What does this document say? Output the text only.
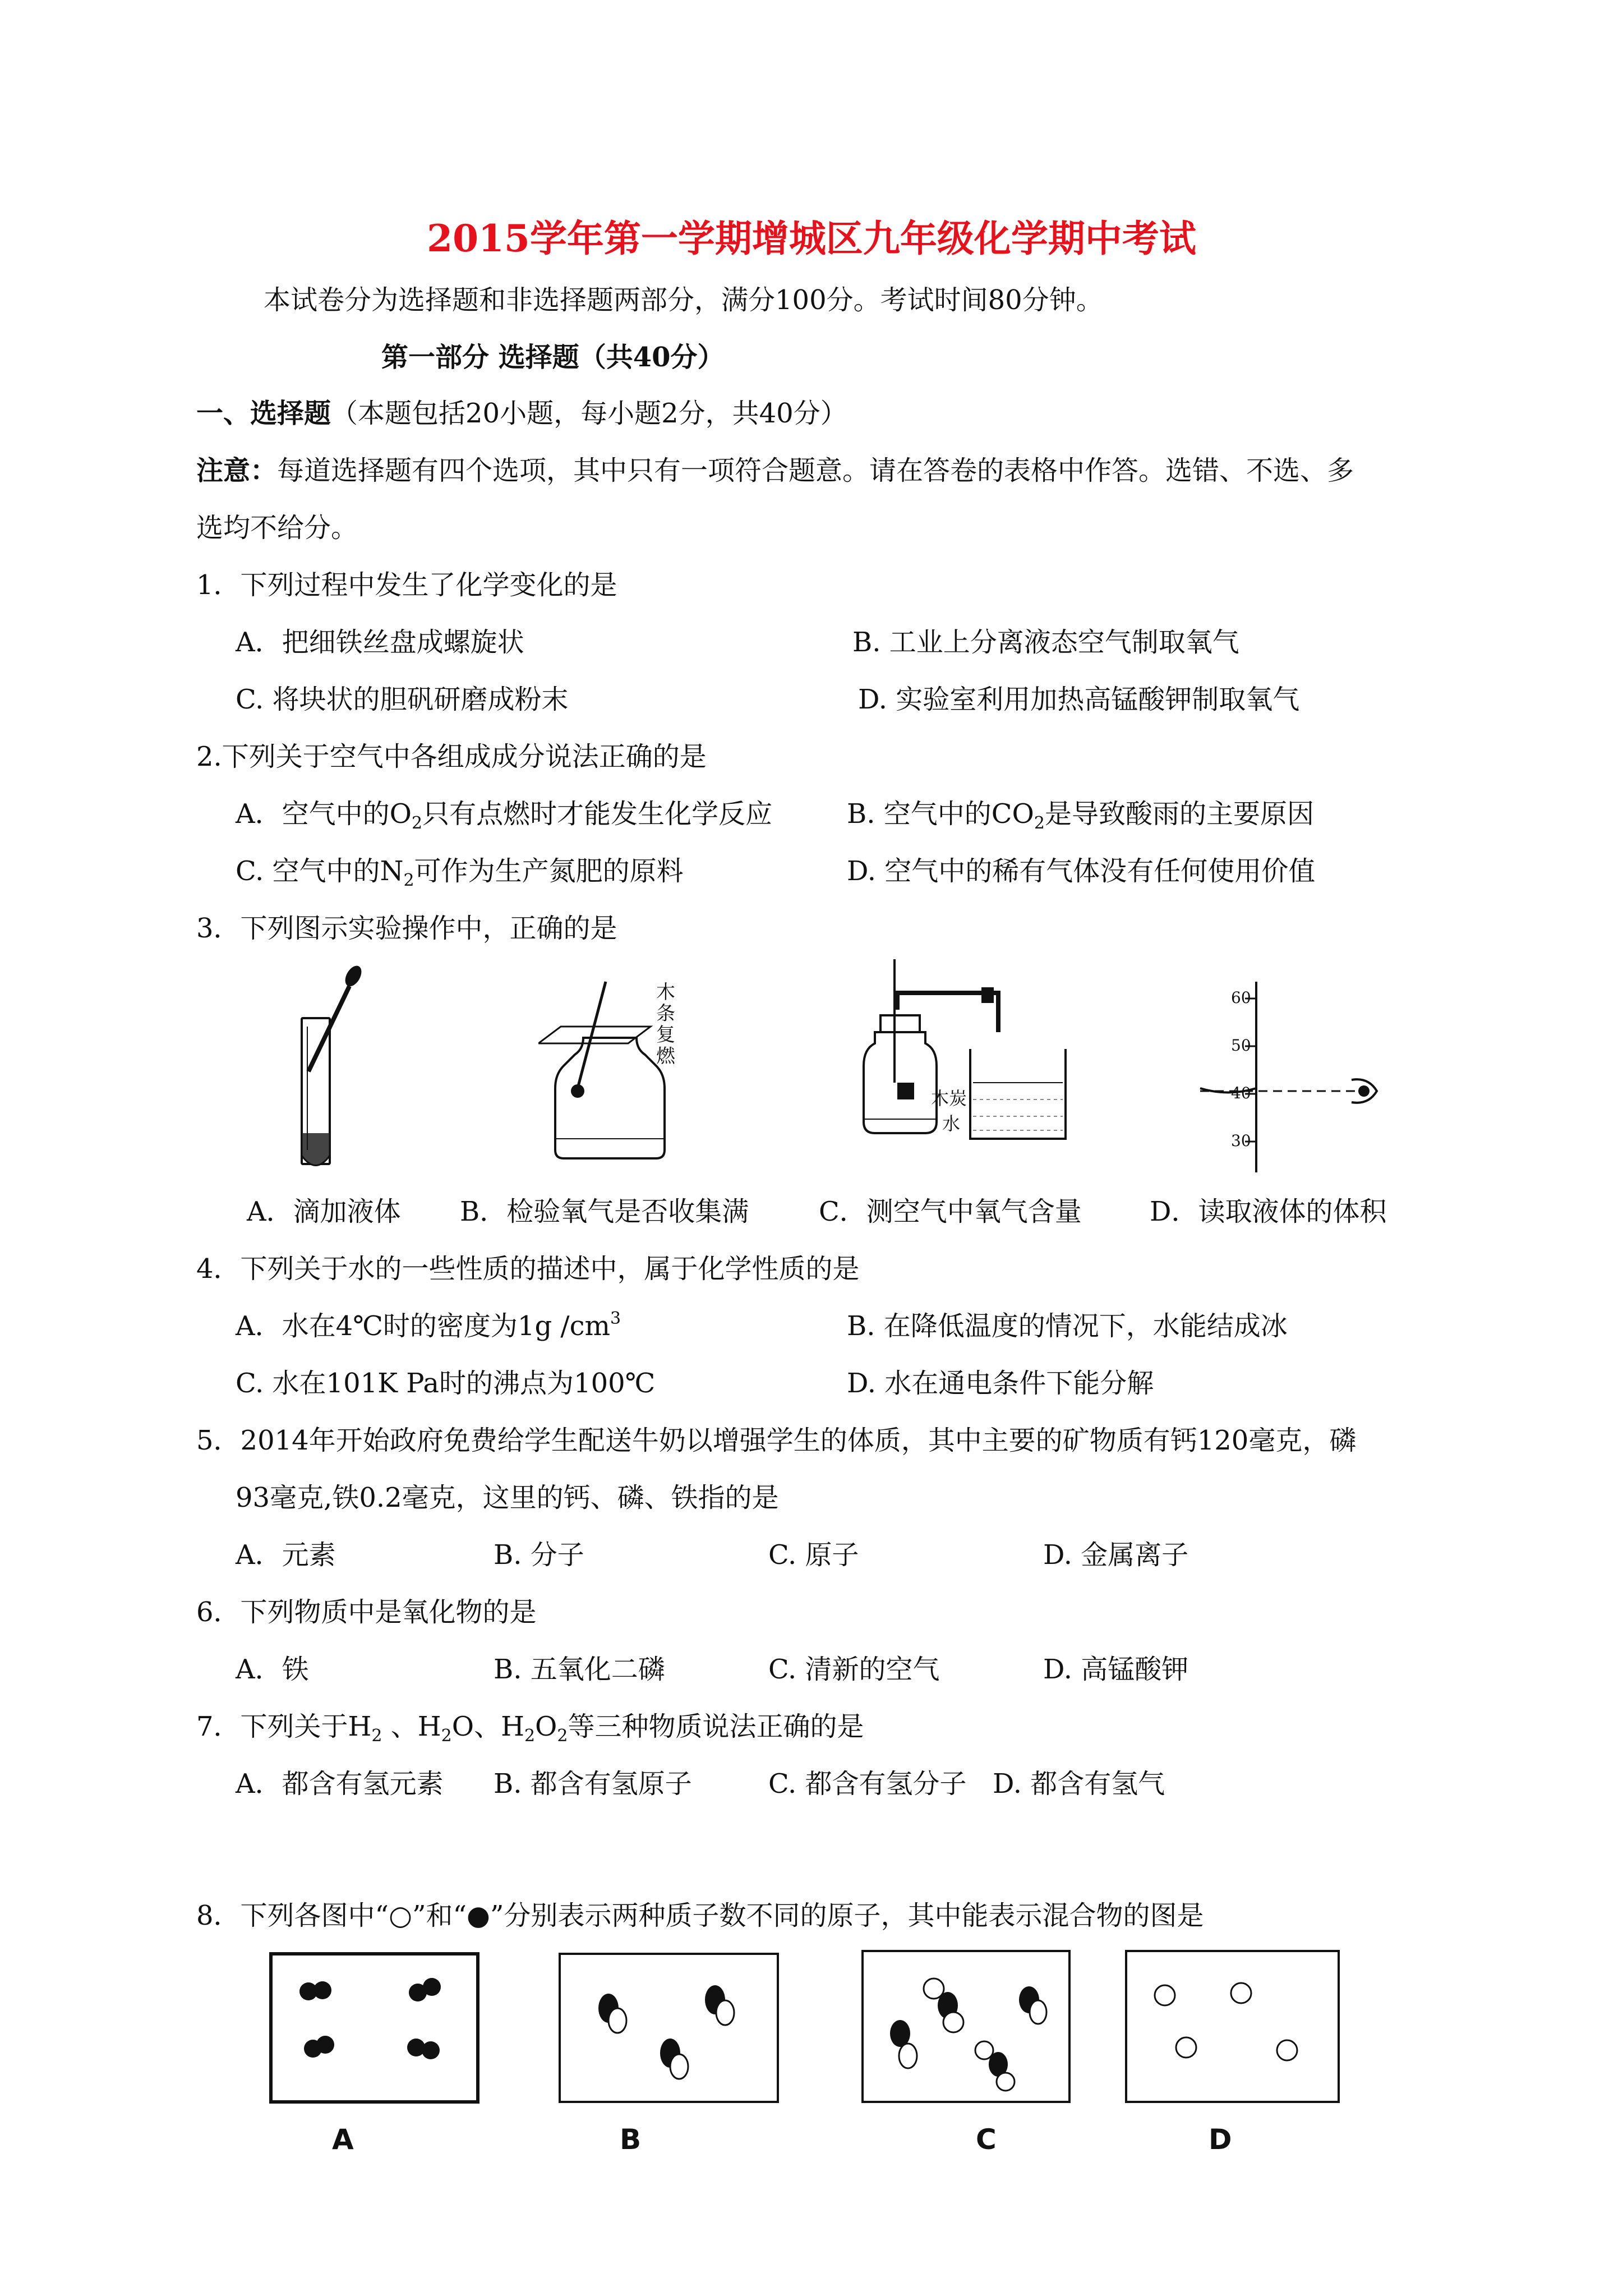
2015学年第一学期增城区九年级化学期中考试
本试卷分为选择题和非选择题两部分，满分100分。考试时间80分钟。
第一部分 选择题（共40分）
一、选择题（本题包括20小题，每小题2分，共40分）
注意：每道选择题有四个选项，其中只有一项符合题意。请在答卷的表格中作答。选错、不选、多
选均不给分。
1．下列过程中发生了化学变化的是
A．把细铁丝盘成螺旋状	B. 工业上分离液态空气制取氧气
C. 将块状的胆矾研磨成粉末	D. 实验室利用加热高锰酸钾制取氧气
2.下列关于空气中各组成成分说法正确的是
A．空气中的$O_2$只有点燃时才能发生化学反应	B. 空气中的$CO_2$是导致酸雨的主要原因
C. 空气中的$N_2$可作为生产氮肥的原料	D. 空气中的稀有气体没有任何使用价值
3．下列图示实验操作中，正确的是
木条复燃
木炭
水
60
50
40
30
A．滴加液体 B．检验氧气是否收集满	C．测空气中氧气含量	D．读取液体的体积
4．下列关于水的一些性质的描述中，属于化学性质的是
A．水在4℃时的密度为1g $/cm^3$	B. 在降低温度的情况下，水能结成冰
C. 水在101K Pa时的沸点为100℃	D. 水在通电条件下能分解
5．2014年开始政府免费给学生配送牛奶以增强学生的体质，其中主要的矿物质有钙120毫克，磷
93毫克,铁0.2毫克，这里的钙、磷、铁指的是
A．元素	B. 分子	C. 原子	D. 金属离子
6．下列物质中是氧化物的是
A．铁	B. 五氧化二磷	C. 清新的空气	D. 高锰酸钾
7．下列关于$H_2$ 、$H_2O$、$H_2O_2$等三种物质说法正确的是
A．都含有氢元素 B. 都含有氢原子	C. 都含有氢分子 D. 都含有氢气
8．下列各图中“○”和“●”分别表示两种质子数不同的原子，其中能表示混合物的图是
A	B	C	D
